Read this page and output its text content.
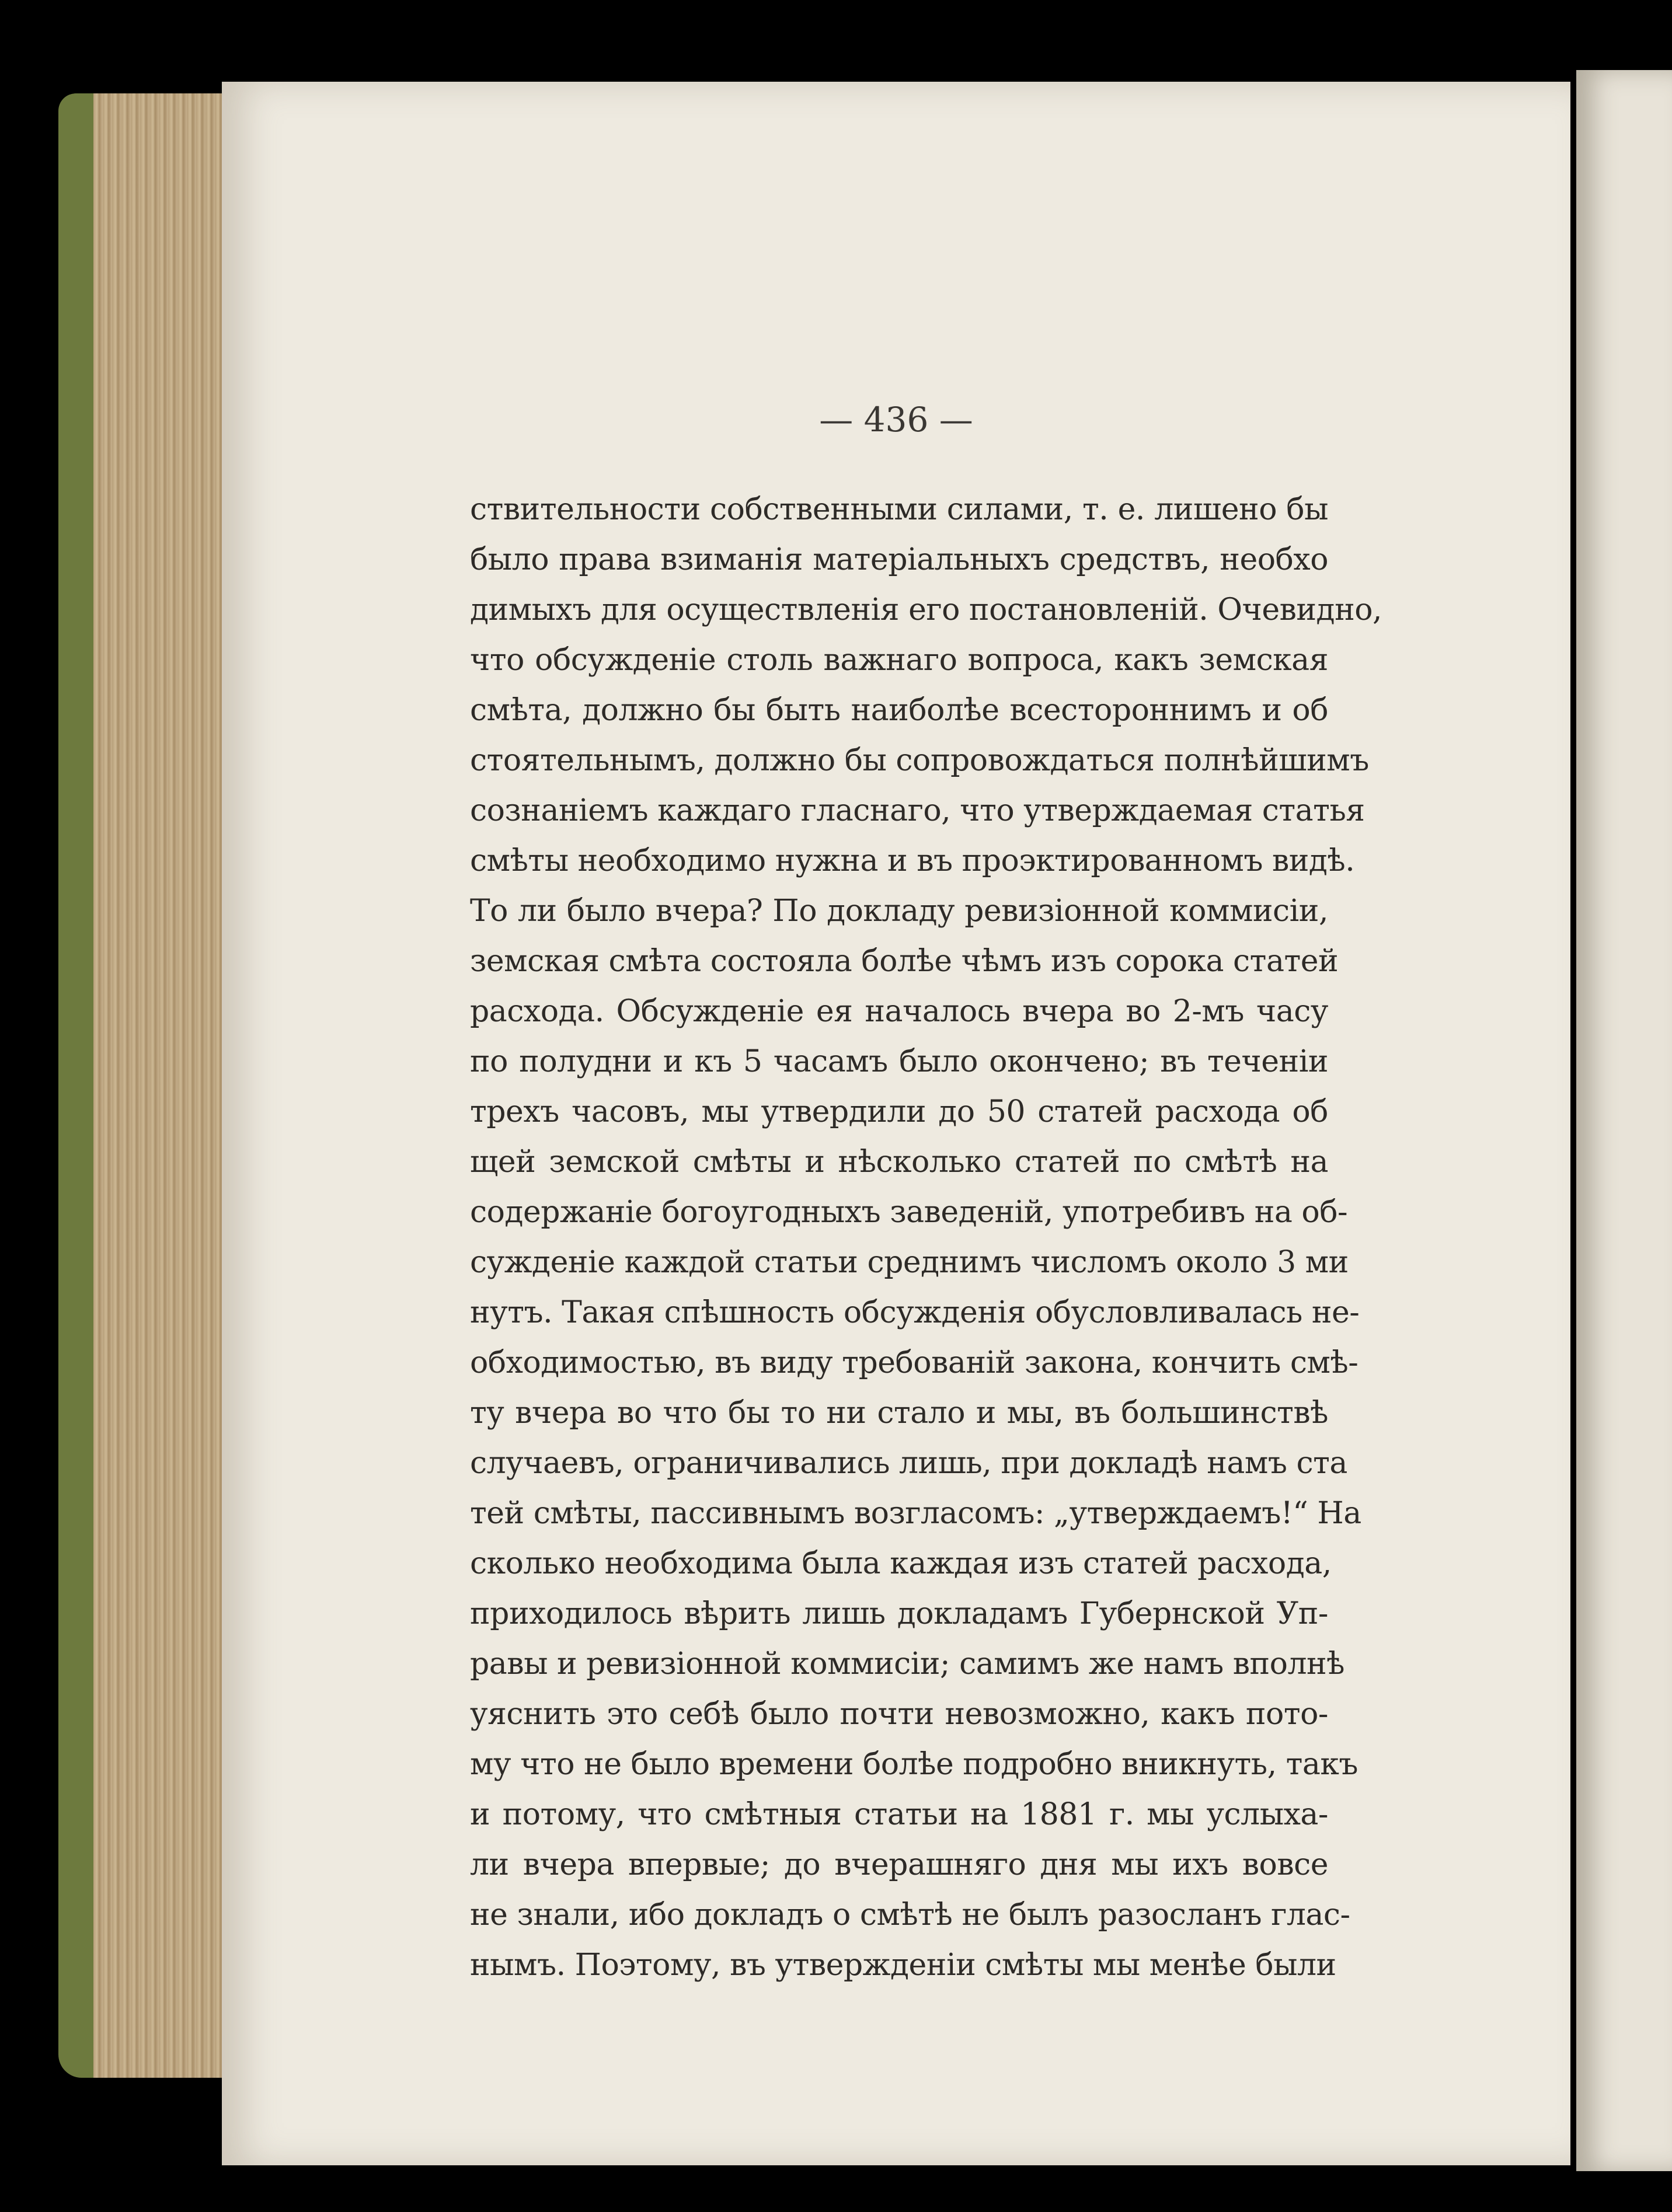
— 436 —
ствительности собственными силами, т. е. лишено бы
было права взиманія матеріальныхъ средствъ, необхо
димыхъ для осуществленія его постановленій. Очевидно,
что обсужденіе столь важнаго вопроса, какъ земская
смѣта, должно бы быть наиболѣе всестороннимъ и об
стоятельнымъ, должно бы сопровождаться полнѣйшимъ
сознаніемъ каждаго гласнаго, что утверждаемая статья
смѣты необходимо нужна и въ проэктированномъ видѣ.
То ли было вчера? По докладу ревизіонной коммисіи,
земская смѣта состояла болѣе чѣмъ изъ сорока статей
расхода. Обсужденіе ея началось вчера во 2-мъ часу
по полудни и къ 5 часамъ было окончено; въ теченіи
трехъ часовъ, мы утвердили до 50 статей расхода об
щей земской смѣты и нѣсколько статей по смѣтѣ на
содержаніе богоугодныхъ заведеній, употребивъ на об-
сужденіе каждой статьи среднимъ числомъ около 3 ми
нутъ. Такая спѣшность обсужденія обусловливалась не-
обходимостью, въ виду требованій закона, кончить смѣ-
ту вчера во что бы то ни стало и мы, въ большинствѣ
случаевъ, ограничивались лишь, при докладѣ намъ ста
тей смѣты, пассивнымъ возгласомъ: „утверждаемъ!“ На
сколько необходима была каждая изъ статей расхода,
приходилось вѣрить лишь докладамъ Губернской Уп-
равы и ревизіонной коммисіи; самимъ же намъ вполнѣ
уяснить это себѣ было почти невозможно, какъ пото-
му что не было времени болѣе подробно вникнуть, такъ
и потому, что смѣтныя статьи на 1881 г. мы услыха-
ли вчера впервые; до вчерашняго дня мы ихъ вовсе
не знали, ибо докладъ о смѣтѣ не былъ разосланъ глас-
нымъ. Поэтому, въ утвержденіи смѣты мы менѣе были
